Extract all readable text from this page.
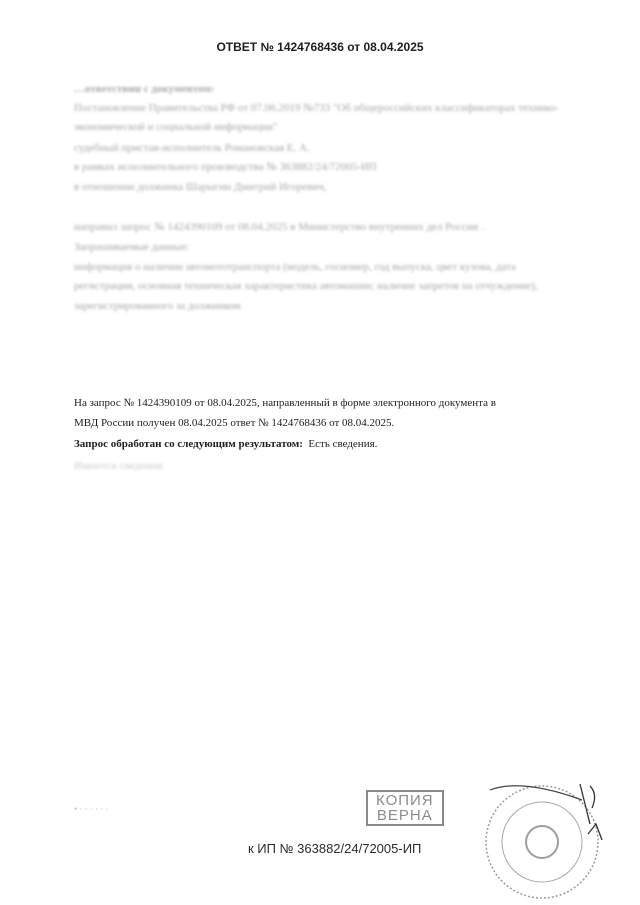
ОТВЕТ № 1424768436 от 08.04.2025
…ответствии с документом:
Постановление Правительства РФ от 07.06.2019 №733 "Об общероссийских классификаторах технико-
экономической и социальной информации"
судебный пристав-исполнитель Романовская Е. А.
в рамках исполнительного производства № 363882/24/72005-ИП
в отношении должника Шарыгин Дмитрий Игоревич,
направил запрос № 1424390109 от 08.04.2025 в Министерство внутренних дел России .
Запрашиваемые данные:
информация о наличии автомототранспорта (модель, госномер, год выпуска, цвет кузова, дата
регистрации, основная техническая характеристика автомашин; наличие запретов на отчуждение),
зарегистрированного за должником
На запрос № 1424390109 от 08.04.2025, направленный в форме электронного документа в
МВД России получен 08.04.2025 ответ № 1424768436 от 08.04.2025.
Запрос обработан со следующим результатом: Есть сведения.
Имеются сведения:
• · · · · · ·	КОПИЯ
ВЕРНА
к ИП № 363882/24/72005-ИП
